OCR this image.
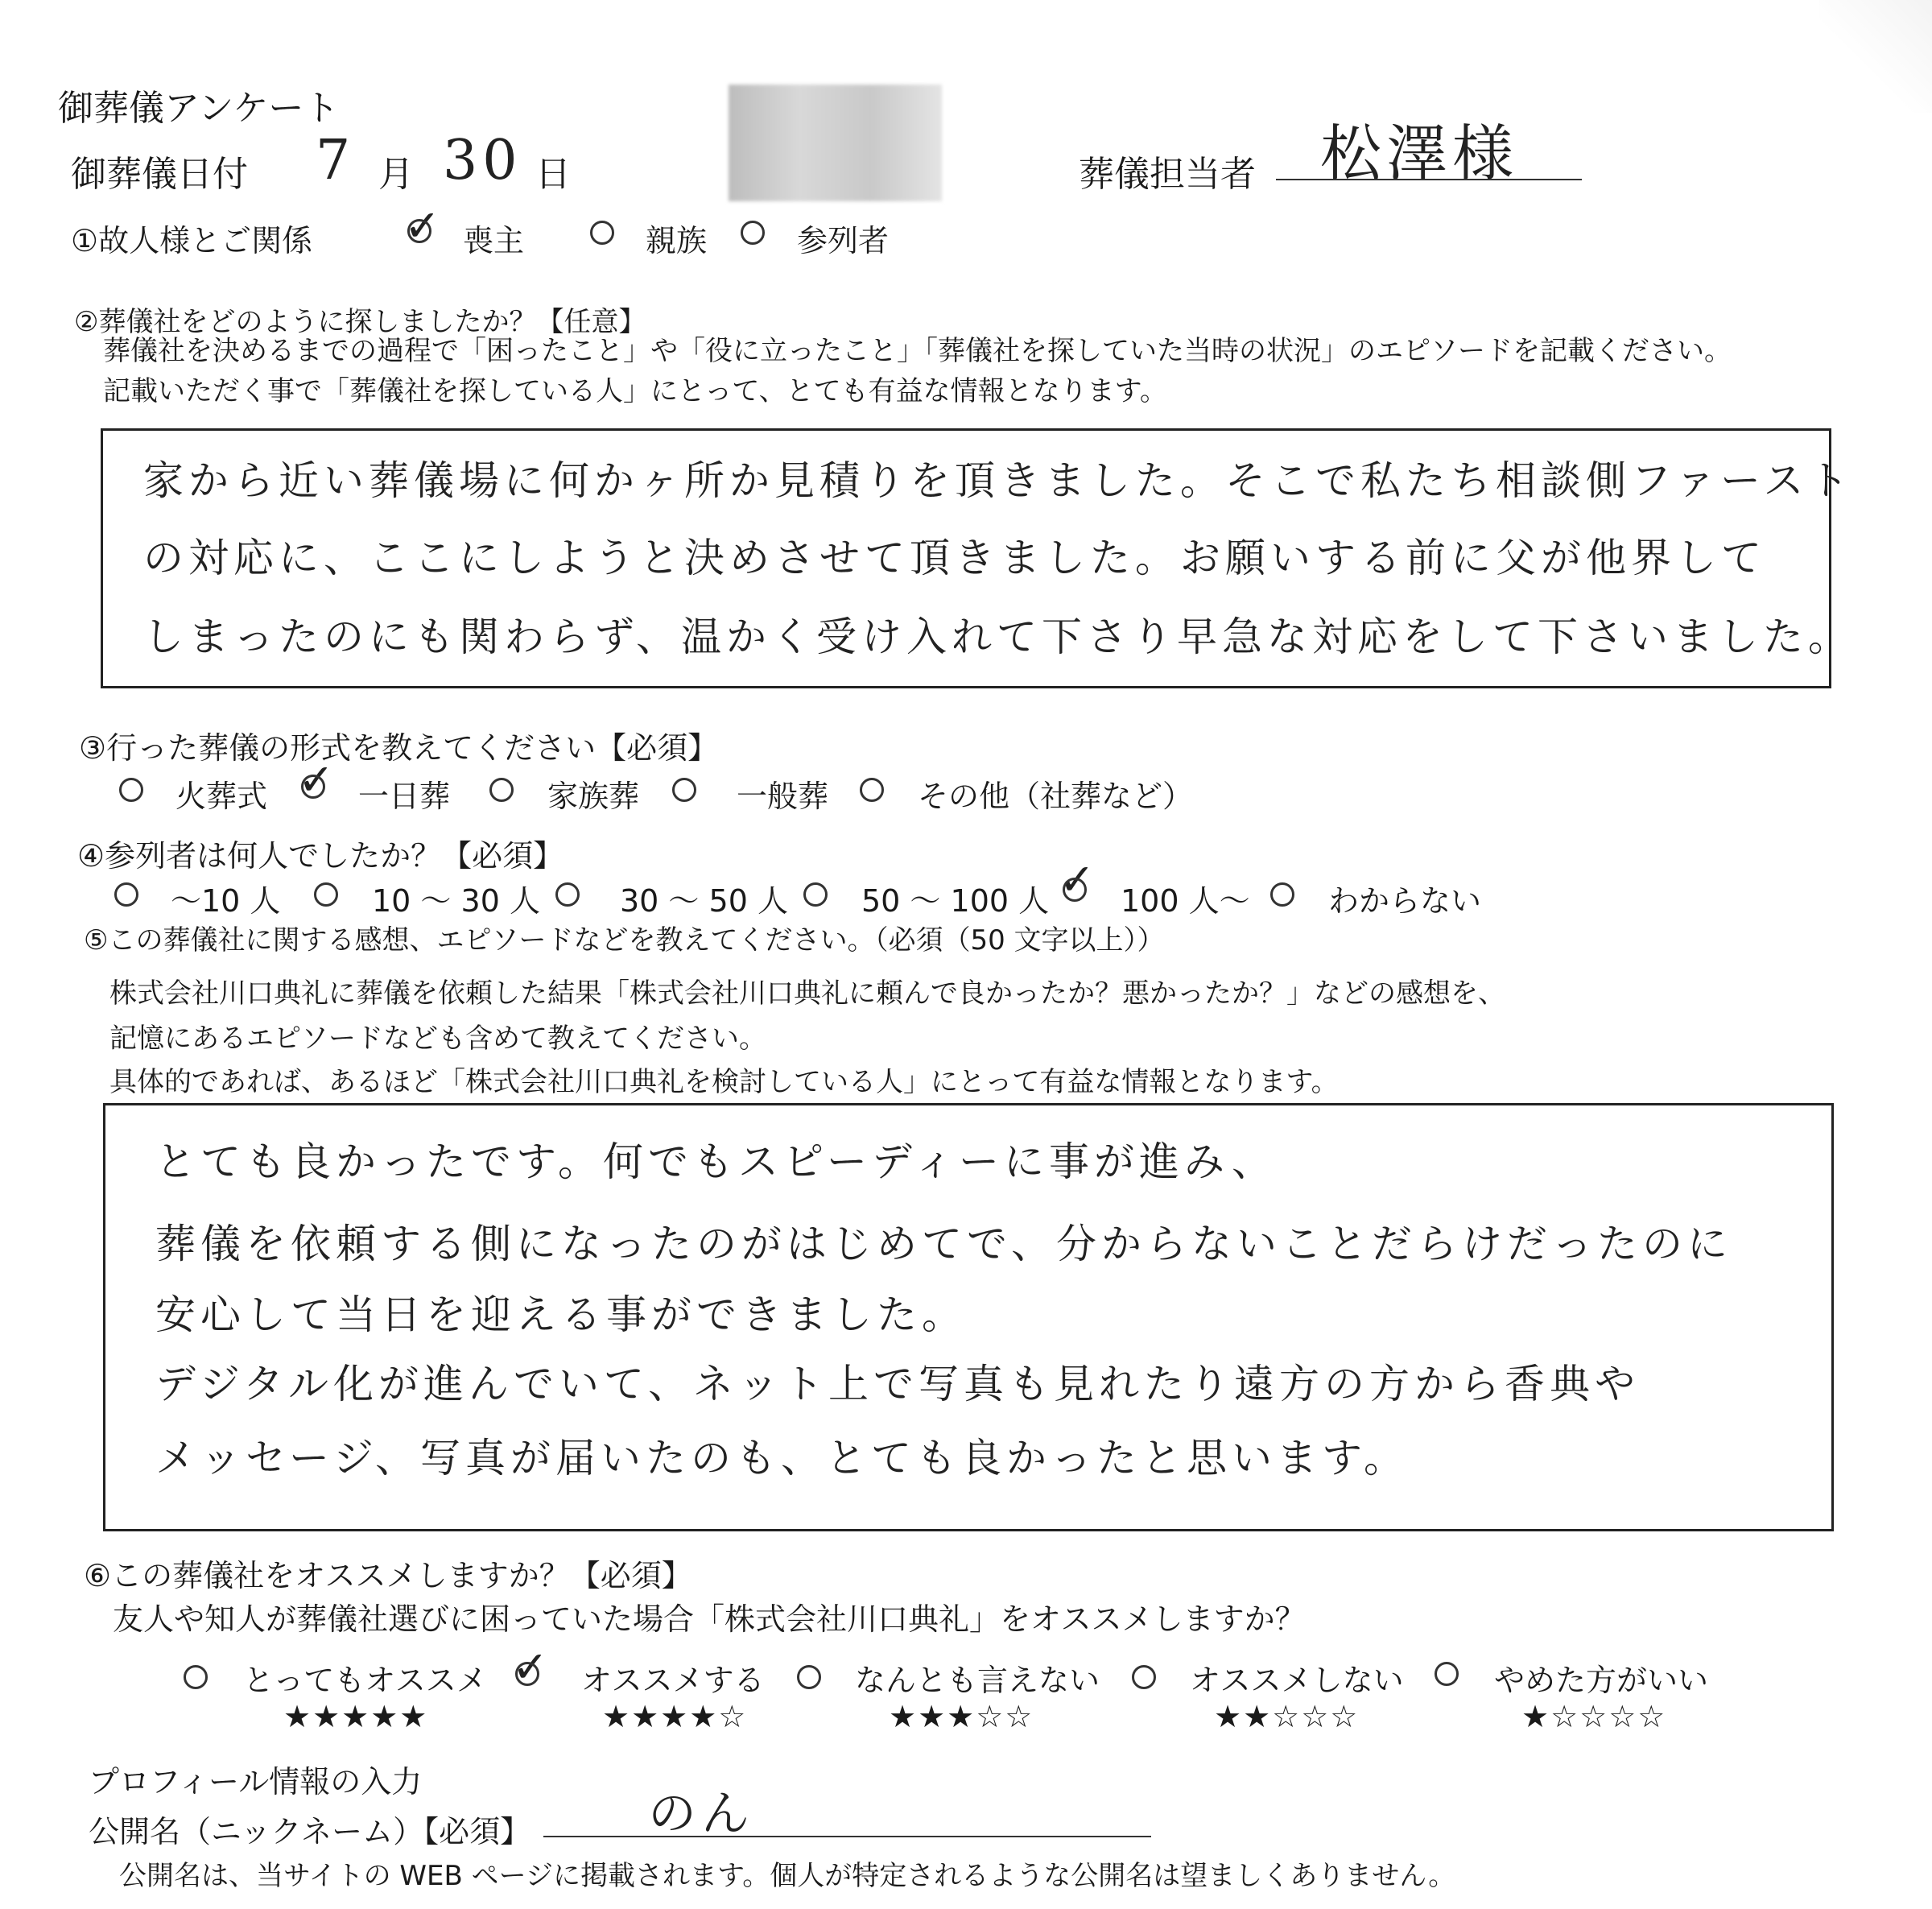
御葬儀アンケート
御葬儀日付 7 月 30 日	葬儀担当者 松澤様
①故人様とご関係 ✓ 喪主	親族	参列者
②葬儀社をどのように探しましたか？【任意】
葬儀社を決めるまでの過程で「困ったこと」や「役に立ったこと」「葬儀社を探していた当時の状況」のエピソードを記載ください。
記載いただく事で「葬儀社を探している人」にとって、とても有益な情報となります。
家から近い葬儀場に何かヶ所か見積りを頂きました。そこで私たち相談側ファースト
の対応に、ここにしようと決めさせて頂きました。お願いする前に父が他界して
しまったのにも関わらず、温かく受け入れて下さり早急な対応をして下さいました。
③行った葬儀の形式を教えてください【必須】
火葬式 ✓ 一日葬	家族葬	一般葬	その他（社葬など）
④参列者は何人でしたか？【必須】
～10 人	10 ～ 30 人	30 ～ 50 人 50 ～ 100 人 ✓ 100 人～	わからない
⑤この葬儀社に関する感想、エピソードなどを教えてください。（必須（50 文字以上））
株式会社川口典礼に葬儀を依頼した結果「株式会社川口典礼に頼んで良かったか？悪かったか？」などの感想を、
記憶にあるエピソードなども含めて教えてください。
具体的であれば、あるほど「株式会社川口典礼を検討している人」にとって有益な情報となります。
とても良かったです。何でもスピーディーに事が進み、
葬儀を依頼する側になったのがはじめてで、分からないことだらけだったのに
安心して当日を迎える事ができました。
デジタル化が進んでいて、ネット上で写真も見れたり遠方の方から香典や
メッセージ、写真が届いたのも、とても良かったと思います。
⑥この葬儀社をオススメしますか？【必須】
友人や知人が葬儀社選びに困っていた場合「株式会社川口典礼」をオススメしますか？
とってもオススメ
★★★★★
✓ オススメする
★★★★☆
なんとも言えない
★★★☆☆
オススメしない
★★☆☆☆
やめた方がいい
★☆☆☆☆
プロフィール情報の入力
公開名（ニックネーム）【必須】 のん
公開名は、当サイトの WEB ページに掲載されます。個人が特定されるような公開名は望ましくありません。
